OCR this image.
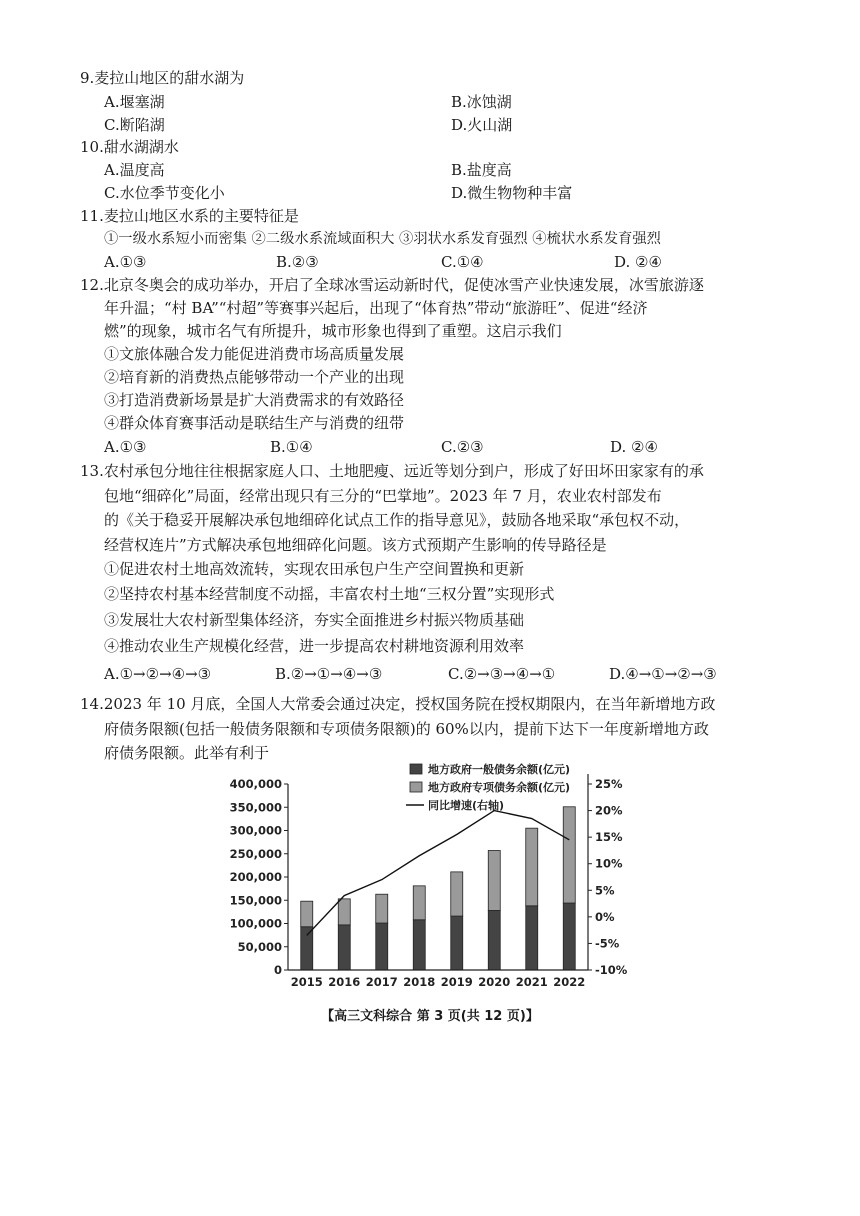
9.麦拉山地区的甜水湖为
A.堰塞湖	B.冰蚀湖
C.断陷湖	D.火山湖
10.甜水湖湖水
A.温度高	B.盐度高
C.水位季节变化小	D.微生物物种丰富
11.麦拉山地区水系的主要特征是
①一级水系短小而密集 ②二级水系流域面积大 ③羽状水系发育强烈 ④梳状水系发育强烈
A.①③	B.②③	C.①④	D. ②④
12.北京冬奥会的成功举办，开启了全球冰雪运动新时代，促使冰雪产业快速发展，冰雪旅游逐
年升温；“村 BA”“村超”等赛事兴起后，出现了“体育热”带动“旅游旺”、促进“经济
燃”的现象，城市名气有所提升，城市形象也得到了重塑。这启示我们
①文旅体融合发力能促进消费市场高质量发展
②培育新的消费热点能够带动一个产业的出现
③打造消费新场景是扩大消费需求的有效路径
④群众体育赛事活动是联结生产与消费的纽带
A.①③	B.①④	C.②③	D. ②④
13.农村承包分地往往根据家庭人口、土地肥瘦、远近等划分到户，形成了好田坏田家家有的承
包地“细碎化”局面，经常出现只有三分的“巴掌地”。2023 年 7 月，农业农村部发布
的《关于稳妥开展解决承包地细碎化试点工作的指导意见》，鼓励各地采取“承包权不动，
经营权连片”方式解决承包地细碎化问题。该方式预期产生影响的传导路径是
①促进农村土地高效流转，实现农田承包户生产空间置换和更新
②坚持农村基本经营制度不动摇，丰富农村土地“三权分置”实现形式
③发展壮大农村新型集体经济，夯实全面推进乡村振兴物质基础
④推动农业生产规模化经营，进一步提高农村耕地资源利用效率
A.①→②→④→③	B.②→①→④→③	C.②→③→④→①	D.④→①→②→③
14.2023 年 10 月底，全国人大常委会通过决定，授权国务院在授权期限内，在当年新增地方政
府债务限额(包括一般债务限额和专项债务限额)的 60%以内，提前下达下一年度新增地方政
府债务限额。此举有利于
400,000
350,000
300,000
250,000
200,000
150,000
100,000
50,000
0
25%
20%
15%
10%
5%
0%
-5%
-10%
2015 2016 2017 2018 2019 2020 2021 2022
地方政府一般债务余额(亿元)
地方政府专项债务余额(亿元)
同比增速(右轴)
【高三文科综合 第 3 页(共 12 页)】
